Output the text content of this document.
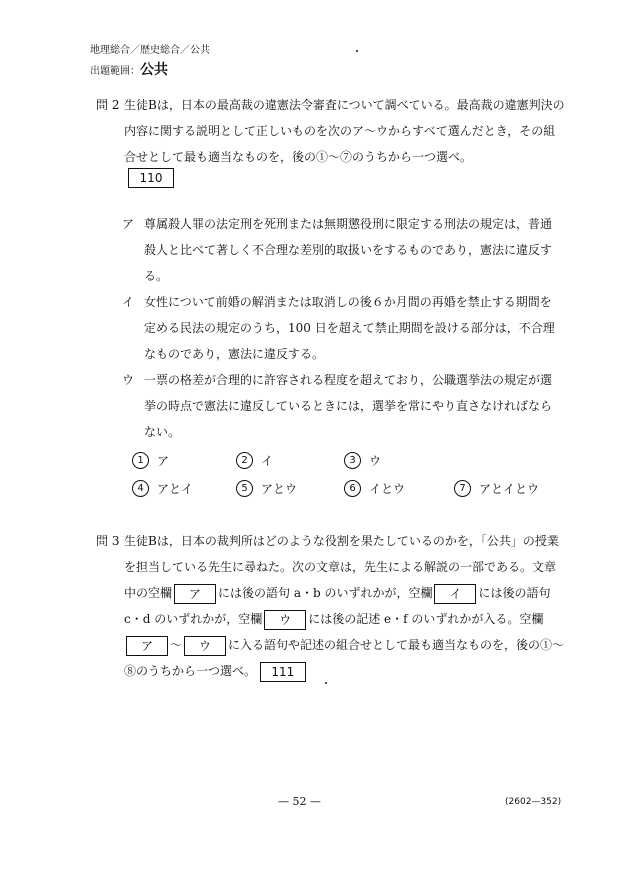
地理総合／歴史総合／公共
出題範囲：公共
問 2 生徒Bは，日本の最高裁の違憲法令審査について調べている。最高裁の違憲判決の内容に関する説明として正しいものを次のア～ウからすべて選んだとき，その組合せとして最も適当なものを，後の①～⑦のうちから一つ選べ。
110
ア 尊属殺人罪の法定刑を死刑または無期懲役刑に限定する刑法の規定は，普通殺人と比べて著しく不合理な差別的取扱いをするものであり，憲法に違反する。
イ 女性について前婚の解消または取消しの後６か月間の再婚を禁止する期間を定める民法の規定のうち，100 日を超えて禁止期間を設ける部分は，不合理なものであり，憲法に違反する。
ウ 一票の格差が合理的に許容される程度を超えており，公職選挙法の規定が選挙の時点で憲法に違反しているときには，選挙を常にやり直さなければならない。
1	ア	2	イ	3	ウ
4	アとイ	5	アとウ	6	イとウ	7	アとイとウ
問 3 生徒Bは，日本の裁判所はどのような役割を果たしているのかを，「公共」の授業を担当している先生に尋ねた。次の文章は，先生による解説の一部である。文章中の空欄 ア には後の語句 a・b のいずれかが，空欄 イ には後の語句 c・d のいずれかが，空欄 ウ には後の記述 e・f のいずれかが入る。空欄ア ～ ウ に入る語句や記述の組合せとして最も適当なものを，後の①～⑧のうちから一つ選べ。 111
— 52 —	(2602—352)
